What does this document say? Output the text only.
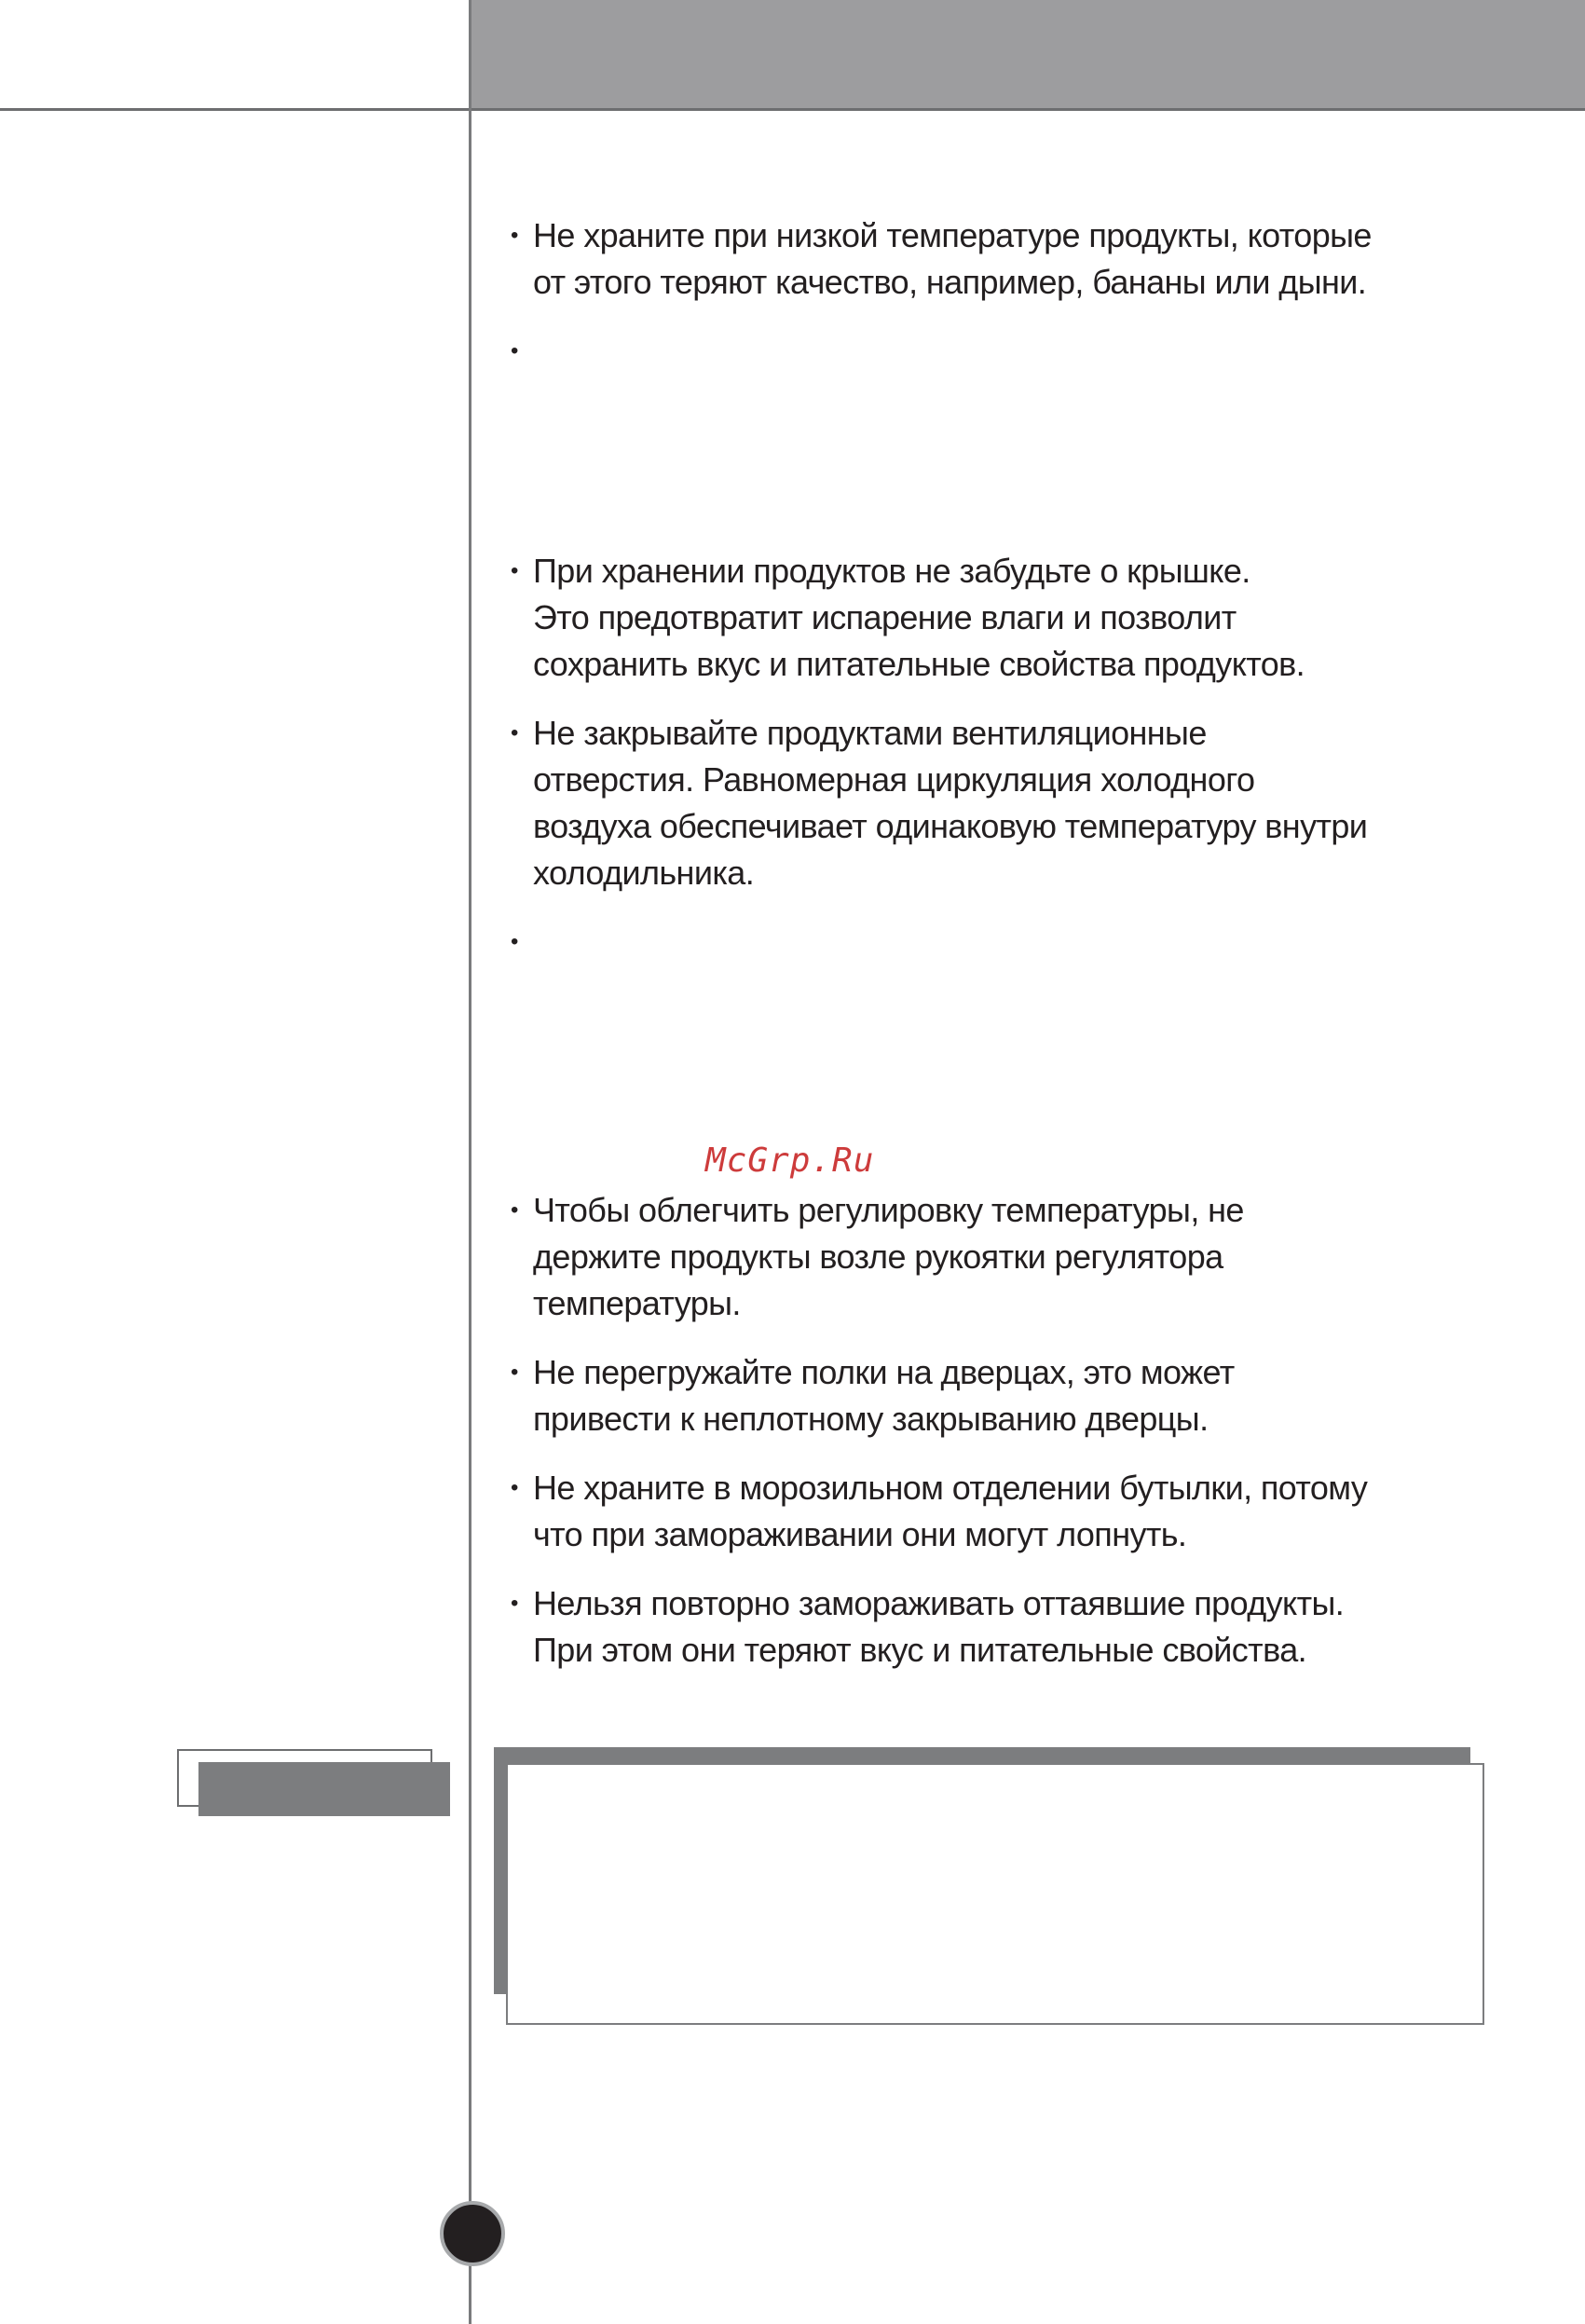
• Не храните при низкой температуре продукты, которые
от этого теряют качество, например, бананы или дыни.
•
• При хранении продуктов не забудьте о крышке.
Это предотвратит испарение влаги и позволит
сохранить вкус и питательные свойства продуктов.
• Не закрывайте продуктами вентиляционные
отверстия. Равномерная циркуляция холодного
воздуха обеспечивает одинаковую температуру внутри
холодильника.
•
McGrp.Ru
• Чтобы облегчить регулировку температуры, не
держите продукты возле рукоятки регулятора
температуры.
• Не перегружайте полки на дверцах, это может
привести к неплотному закрыванию дверцы.
• Не храните в морозильном отделении бутылки, потому
что при замораживании они могут лопнуть.
• Нельзя повторно замораживать оттаявшие продукты.
При этом они теряют вкус и питательные свойства.
